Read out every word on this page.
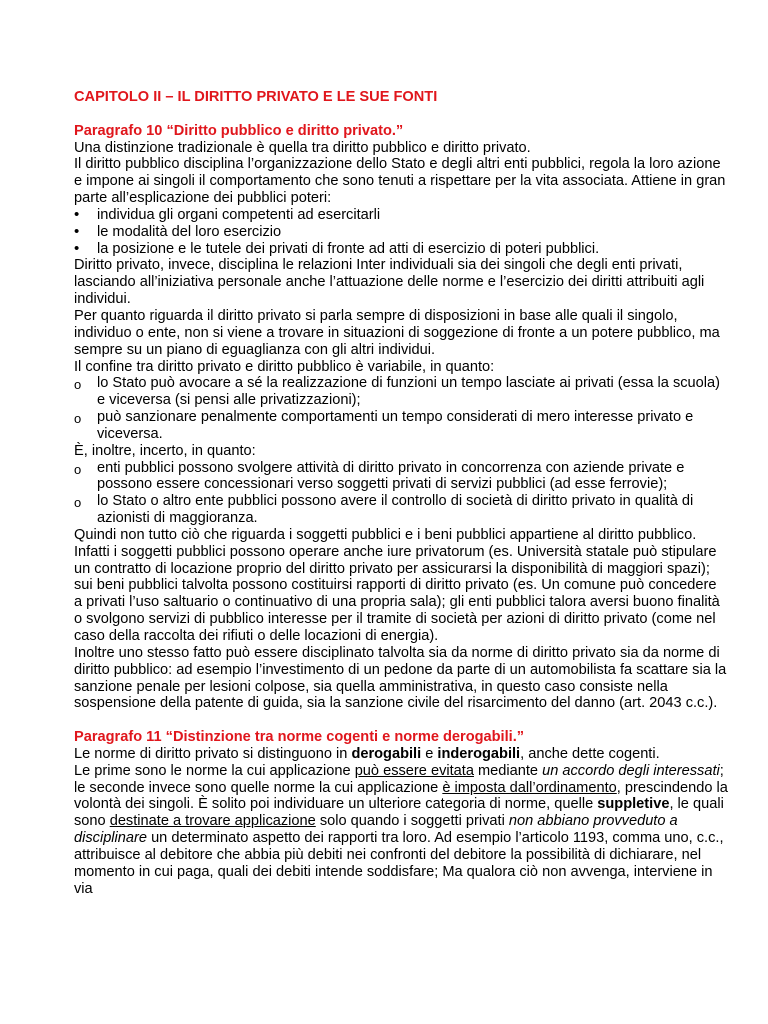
CAPITOLO II – IL DIRITTO PRIVATO E LE SUE FONTI

Paragrafo 10 “Diritto pubblico e diritto privato.”

Una distinzione tradizionale è quella tra diritto pubblico e diritto privato.

Il diritto pubblico disciplina l’organizzazione dello Stato e degli altri enti pubblici, regola la loro azione e impone ai singoli il comportamento che sono tenuti a rispettare per la vita associata. Attiene in gran parte all’esplicazione dei pubblici poteri:

•	individua gli organi competenti ad esercitarli
•	le modalità del loro esercizio
•	la posizione e le tutele dei privati di fronte ad atti di esercizio di poteri pubblici.

Diritto privato, invece, disciplina le relazioni Inter individuali sia dei singoli che degli enti privati, lasciando all’iniziativa personale anche l’attuazione delle norme e l’esercizio dei diritti attribuiti agli individui.

Per quanto riguarda il diritto privato si parla sempre di disposizioni in base alle quali il singolo, individuo o ente, non si viene a trovare in situazioni di soggezione di fronte a un potere pubblico, ma sempre su un piano di eguaglianza con gli altri individui.

Il confine tra diritto privato e diritto pubblico è variabile, in quanto:

o	lo Stato può avocare a sé la realizzazione di funzioni un tempo lasciate ai privati (essa la scuola) e viceversa (si pensi alle privatizzazioni);
o	può sanzionare penalmente comportamenti un tempo considerati di mero interesse privato e viceversa.

È, inoltre, incerto, in quanto:

o	enti pubblici possono svolgere attività di diritto privato in concorrenza con aziende private e possono essere concessionari verso soggetti privati di servizi pubblici (ad esse ferrovie);
o	lo Stato o altro ente pubblici possono avere il controllo di società di diritto privato in qualità di azionisti di maggioranza.

Quindi non tutto ciò che riguarda i soggetti pubblici e i beni pubblici appartiene al diritto pubblico. Infatti i soggetti pubblici possono operare anche iure privatorum (es. Università statale può stipulare un contratto di locazione proprio del diritto privato per assicurarsi la disponibilità di maggiori spazi); sui beni pubblici talvolta possono costituirsi rapporti di diritto privato (es. Un comune può concedere a privati l’uso saltuario o continuativo di una propria sala); gli enti pubblici talora aversi buono finalità o svolgono servizi di pubblico interesse per il tramite di società per azioni di diritto privato (come nel caso della raccolta dei rifiuti o delle locazioni di energia).

Inoltre uno stesso fatto può essere disciplinato talvolta sia da norme di diritto privato sia da norme di diritto pubblico: ad esempio l’investimento di un pedone da parte di un automobilista fa scattare sia la sanzione penale per lesioni colpose, sia quella amministrativa, in questo caso consiste nella sospensione della patente di guida, sia la sanzione civile del risarcimento del danno (art. 2043 c.c.).

Paragrafo 11 “Distinzione tra norme cogenti e norme derogabili.”

Le norme di diritto privato si distinguono in derogabili e inderogabili, anche dette cogenti.

Le prime sono le norme la cui applicazione può essere evitata mediante un accordo degli interessati; le seconde invece sono quelle norme la cui applicazione è imposta dall’ordinamento, prescindendo la volontà dei singoli. È solito poi individuare un ulteriore categoria di norme, quelle suppletive, le quali sono destinate a trovare applicazione solo quando i soggetti privati non abbiano provveduto a disciplinare un determinato aspetto dei rapporti tra loro. Ad esempio l’articolo 1193, comma uno, c.c., attribuisce al debitore che abbia più debiti nei confronti del debitore la possibilità di dichiarare, nel momento in cui paga, quali dei debiti intende soddisfare; Ma qualora ciò non avvenga, interviene in via
